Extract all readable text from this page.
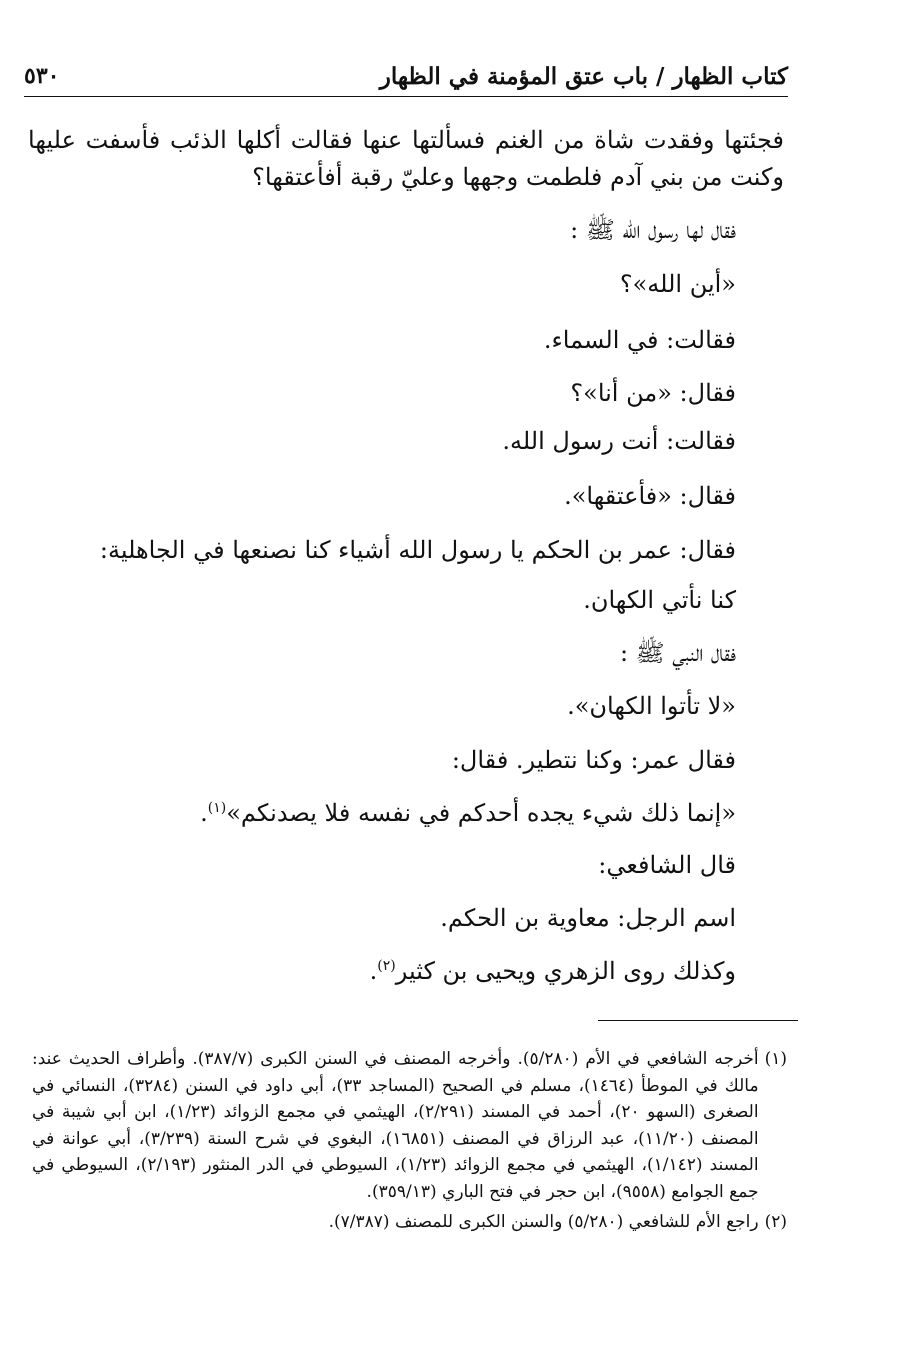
كتاب الظهار / باب عتق المؤمنة في الظهار
٥٣٠

فجئتها وفقدت شاة من الغنم فسألتها عنها فقالت أكلها الذئب فأسفت عليها وكنت من بني آدم فلطمت وجهها وعليّ رقبة أفأعتقها؟

فقال لها رسول الله ﷺ :

«أين الله»؟

فقالت: في السماء.

فقال: «من أنا»؟

فقالت: أنت رسول الله.

فقال: «فأعتقها».

فقال: عمر بن الحكم يا رسول الله أشياء كنا نصنعها في الجاهلية:

كنا نأتي الكهان.

فقال النبي ﷺ :

«لا تأتوا الكهان».

فقال عمر: وكنا نتطير. فقال:

«إنما ذلك شيء يجده أحدكم في نفسه فلا يصدنكم»$^{(١)}$.

قال الشافعي:

اسم الرجل: معاوية بن الحكم.

وكذلك روى الزهري ويحيى بن كثير$^{(٢)}$.

(١)
أخرجه الشافعي في الأم (٥/٢٨٠). وأخرجه المصنف في السنن الكبرى (٣٨٧/٧). وأطراف الحديث عند: مالك في الموطأ (١٤٦٤)، مسلم في الصحيح (المساجد ٣٣)، أبي داود في السنن (٣٢٨٤)، النسائي في الصغرى (السهو ٢٠)، أحمد في المسند (٢/٢٩١)، الهيثمي في مجمع الزوائد (١/٢٣)، ابن أبي شيبة في المصنف (١١/٢٠)، عبد الرزاق في المصنف (١٦٨٥١)، البغوي في شرح السنة (٣/٢٣٩)، أبي عوانة في المسند (١/١٤٢)، الهيثمي في مجمع الزوائد (١/٢٣)، السيوطي في الدر المنثور (٢/١٩٣)، السيوطي في جمع الجوامع (٩٥٥٨)، ابن حجر في فتح الباري (٣٥٩/١٣).
(٢)
راجع الأم للشافعي (٥/٢٨٠) والسنن الكبرى للمصنف (٧/٣٨٧).
